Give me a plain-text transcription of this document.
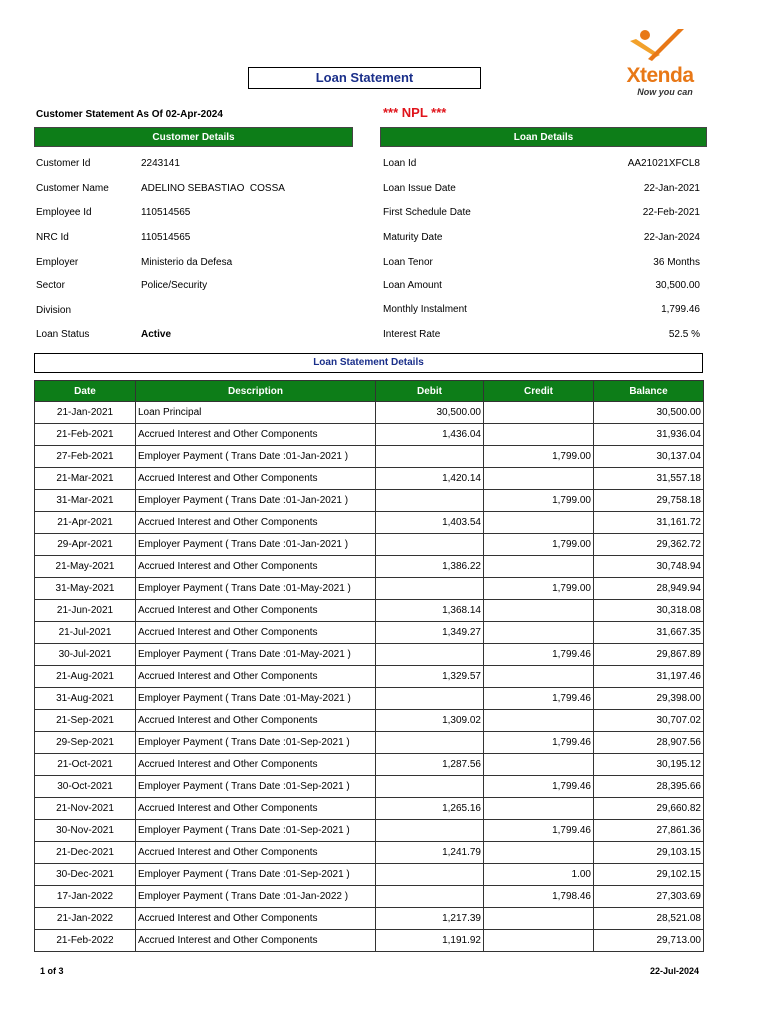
Loan Statement	Xtenda
Now you can
Customer Statement As Of 02-Apr-2024	*** NPL ***
Customer Details	Loan Details
Customer Id	2243141
Customer Name	ADELINO SEBASTIAO  COSSA
Employee Id	110514565
NRC Id	110514565
Employer	Ministerio da Defesa
Sector	Police/Security
Division
Loan Status	Active
Loan Id	AA21021XFCL8
Loan Issue Date	22-Jan-2021
First Schedule Date	22-Feb-2021
Maturity Date	22-Jan-2024
Loan Tenor	36 Months
Loan Amount	30,500.00
Monthly Instalment	1,799.46
Interest Rate	52.5 %
Loan Statement Details
Date	Description	Debit	Credit	Balance
21-Jan-2021	Loan Principal	30,500.00		30,500.00
21-Feb-2021	Accrued Interest and Other Components	1,436.04		31,936.04
27-Feb-2021	Employer Payment ( Trans Date :01-Jan-2021 )		1,799.00	30,137.04
21-Mar-2021	Accrued Interest and Other Components	1,420.14		31,557.18
31-Mar-2021	Employer Payment ( Trans Date :01-Jan-2021 )		1,799.00	29,758.18
21-Apr-2021	Accrued Interest and Other Components	1,403.54		31,161.72
29-Apr-2021	Employer Payment ( Trans Date :01-Jan-2021 )		1,799.00	29,362.72
21-May-2021	Accrued Interest and Other Components	1,386.22		30,748.94
31-May-2021	Employer Payment ( Trans Date :01-May-2021 )		1,799.00	28,949.94
21-Jun-2021	Accrued Interest and Other Components	1,368.14		30,318.08
21-Jul-2021	Accrued Interest and Other Components	1,349.27		31,667.35
30-Jul-2021	Employer Payment ( Trans Date :01-May-2021 )		1,799.46	29,867.89
21-Aug-2021	Accrued Interest and Other Components	1,329.57		31,197.46
31-Aug-2021	Employer Payment ( Trans Date :01-May-2021 )		1,799.46	29,398.00
21-Sep-2021	Accrued Interest and Other Components	1,309.02		30,707.02
29-Sep-2021	Employer Payment ( Trans Date :01-Sep-2021 )		1,799.46	28,907.56
21-Oct-2021	Accrued Interest and Other Components	1,287.56		30,195.12
30-Oct-2021	Employer Payment ( Trans Date :01-Sep-2021 )		1,799.46	28,395.66
21-Nov-2021	Accrued Interest and Other Components	1,265.16		29,660.82
30-Nov-2021	Employer Payment ( Trans Date :01-Sep-2021 )		1,799.46	27,861.36
21-Dec-2021	Accrued Interest and Other Components	1,241.79		29,103.15
30-Dec-2021	Employer Payment ( Trans Date :01-Sep-2021 )		1.00	29,102.15
17-Jan-2022	Employer Payment ( Trans Date :01-Jan-2022 )		1,798.46	27,303.69
21-Jan-2022	Accrued Interest and Other Components	1,217.39		28,521.08
21-Feb-2022	Accrued Interest and Other Components	1,191.92		29,713.00
1 of 3	22-Jul-2024
